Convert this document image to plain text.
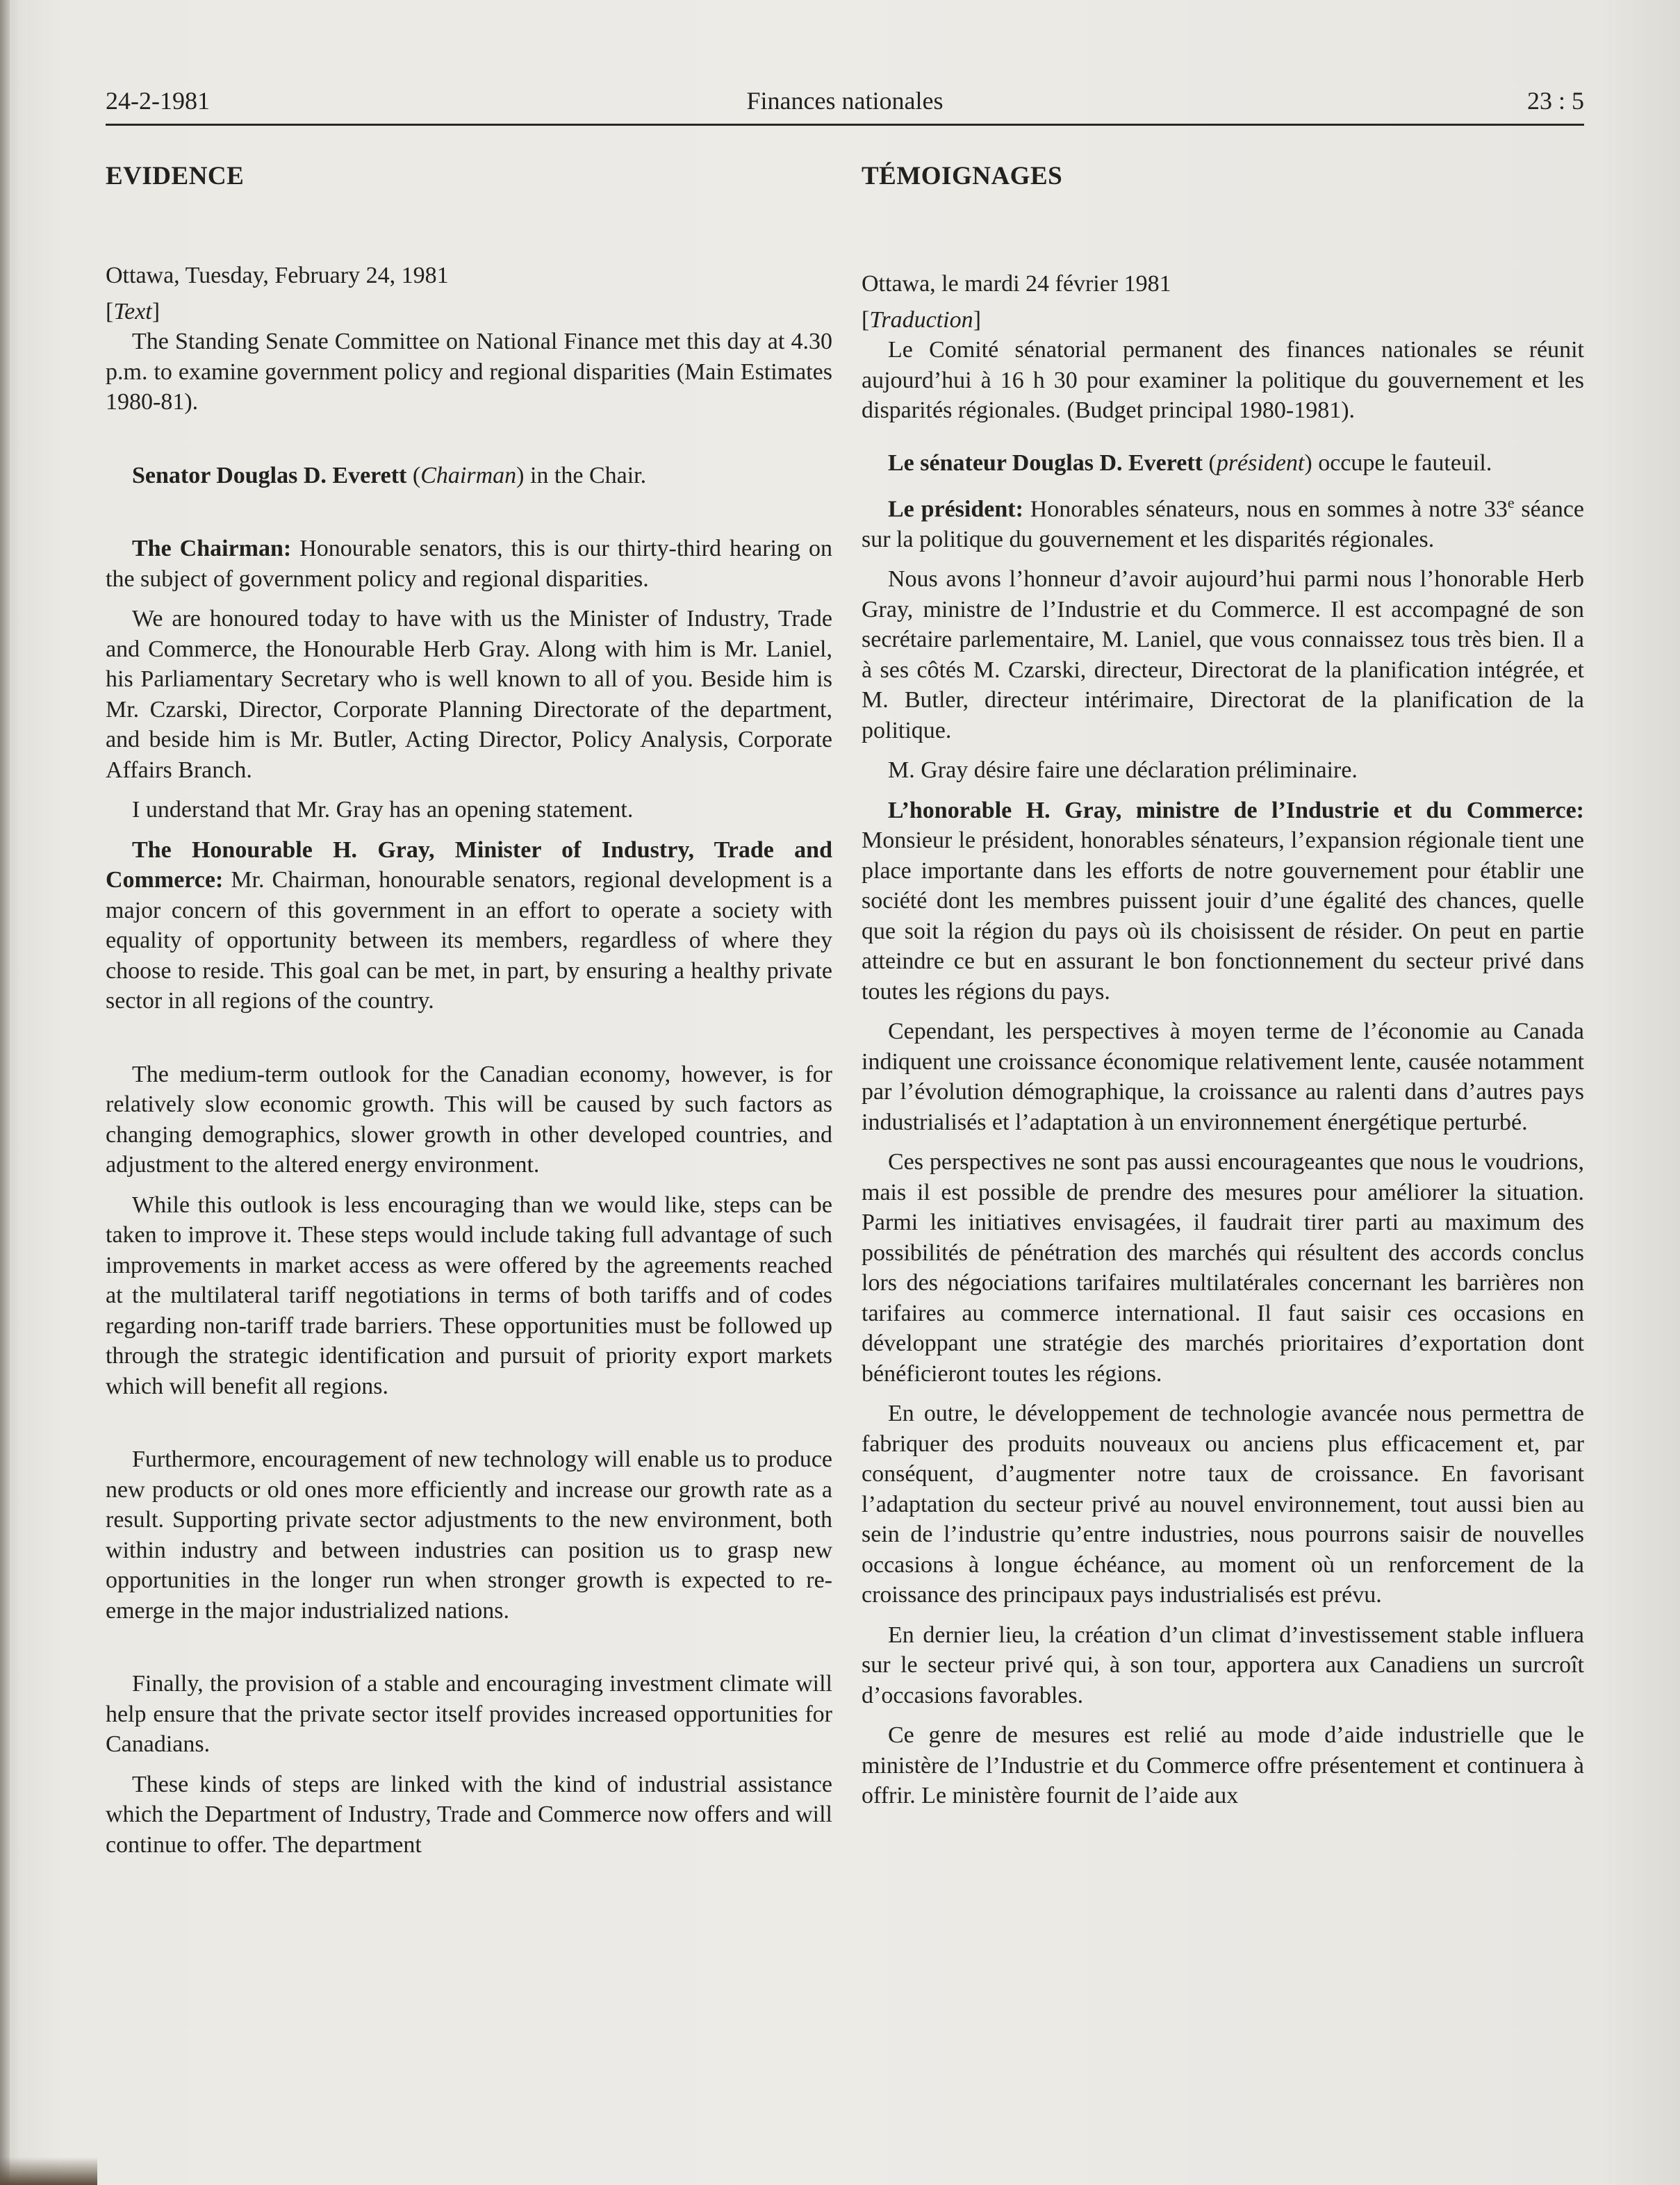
24-2-1981	Finances nationales	23 : 5
EVIDENCE

Ottawa, Tuesday, February 24, 1981

[Text]

The Standing Senate Committee on National Finance met this day at 4.30 p.m. to examine government policy and regional disparities (Main Estimates 1980-81).

Senator Douglas D. Everett (Chairman) in the Chair.

The Chairman: Honourable senators, this is our thirty-third hearing on the subject of government policy and regional disparities.

We are honoured today to have with us the Minister of Industry, Trade and Commerce, the Honourable Herb Gray. Along with him is Mr. Laniel, his Parliamentary Secretary who is well known to all of you. Beside him is Mr. Czarski, Director, Corporate Planning Directorate of the department, and beside him is Mr. Butler, Acting Director, Policy Analysis, Corporate Affairs Branch.

I understand that Mr. Gray has an opening statement.

The Honourable H. Gray, Minister of Industry, Trade and Commerce: Mr. Chairman, honourable senators, regional development is a major concern of this government in an effort to operate a society with equality of opportunity between its members, regardless of where they choose to reside. This goal can be met, in part, by ensuring a healthy private sector in all regions of the country.

The medium-term outlook for the Canadian economy, however, is for relatively slow economic growth. This will be caused by such factors as changing demographics, slower growth in other developed countries, and adjustment to the altered energy environment.

While this outlook is less encouraging than we would like, steps can be taken to improve it. These steps would include taking full advantage of such improvements in market access as were offered by the agreements reached at the multilateral tariff negotiations in terms of both tariffs and of codes regarding non-tariff trade barriers. These opportunities must be followed up through the strategic identification and pursuit of priority export markets which will benefit all regions.

Furthermore, encouragement of new technology will enable us to produce new products or old ones more efficiently and increase our growth rate as a result. Supporting private sector adjustments to the new environment, both within industry and between industries can position us to grasp new opportunities in the longer run when stronger growth is expected to re-emerge in the major industrialized nations.

Finally, the provision of a stable and encouraging investment climate will help ensure that the private sector itself provides increased opportunities for Canadians.

These kinds of steps are linked with the kind of industrial assistance which the Department of Industry, Trade and Commerce now offers and will continue to offer. The department

TÉMOIGNAGES

Ottawa, le mardi 24 février 1981

[Traduction]

Le Comité sénatorial permanent des finances nationales se réunit aujourd’hui à 16 h 30 pour examiner la politique du gouvernement et les disparités régionales. (Budget principal 1980-1981).

Le sénateur Douglas D. Everett (président) occupe le fauteuil.

Le président: Honorables sénateurs, nous en sommes à notre 33e séance sur la politique du gouvernement et les disparités régionales.

Nous avons l’honneur d’avoir aujourd’hui parmi nous l’honorable Herb Gray, ministre de l’Industrie et du Commerce. Il est accompagné de son secrétaire parlementaire, M. Laniel, que vous connaissez tous très bien. Il a à ses côtés M. Czarski, directeur, Directorat de la planification intégrée, et M. Butler, directeur intérimaire, Directorat de la planification de la politique.

M. Gray désire faire une déclaration préliminaire.

L’honorable H. Gray, ministre de l’Industrie et du Commerce: Monsieur le président, honorables sénateurs, l’expansion régionale tient une place importante dans les efforts de notre gouvernement pour établir une société dont les membres puissent jouir d’une égalité des chances, quelle que soit la région du pays où ils choisissent de résider. On peut en partie atteindre ce but en assurant le bon fonctionnement du secteur privé dans toutes les régions du pays.

Cependant, les perspectives à moyen terme de l’économie au Canada indiquent une croissance économique relativement lente, causée notamment par l’évolution démographique, la croissance au ralenti dans d’autres pays industrialisés et l’adaptation à un environnement énergétique perturbé.

Ces perspectives ne sont pas aussi encourageantes que nous le voudrions, mais il est possible de prendre des mesures pour améliorer la situation. Parmi les initiatives envisagées, il faudrait tirer parti au maximum des possibilités de pénétration des marchés qui résultent des accords conclus lors des négociations tarifaires multilatérales concernant les barrières non tarifaires au commerce international. Il faut saisir ces occasions en développant une stratégie des marchés prioritaires d’exportation dont bénéficieront toutes les régions.

En outre, le développement de technologie avancée nous permettra de fabriquer des produits nouveaux ou anciens plus efficacement et, par conséquent, d’augmenter notre taux de croissance. En favorisant l’adaptation du secteur privé au nouvel environnement, tout aussi bien au sein de l’industrie qu’entre industries, nous pourrons saisir de nouvelles occasions à longue échéance, au moment où un renforcement de la croissance des principaux pays industrialisés est prévu.

En dernier lieu, la création d’un climat d’investissement stable influera sur le secteur privé qui, à son tour, apportera aux Canadiens un surcroît d’occasions favorables.

Ce genre de mesures est relié au mode d’aide industrielle que le ministère de l’Industrie et du Commerce offre présentement et continuera à offrir. Le ministère fournit de l’aide aux
